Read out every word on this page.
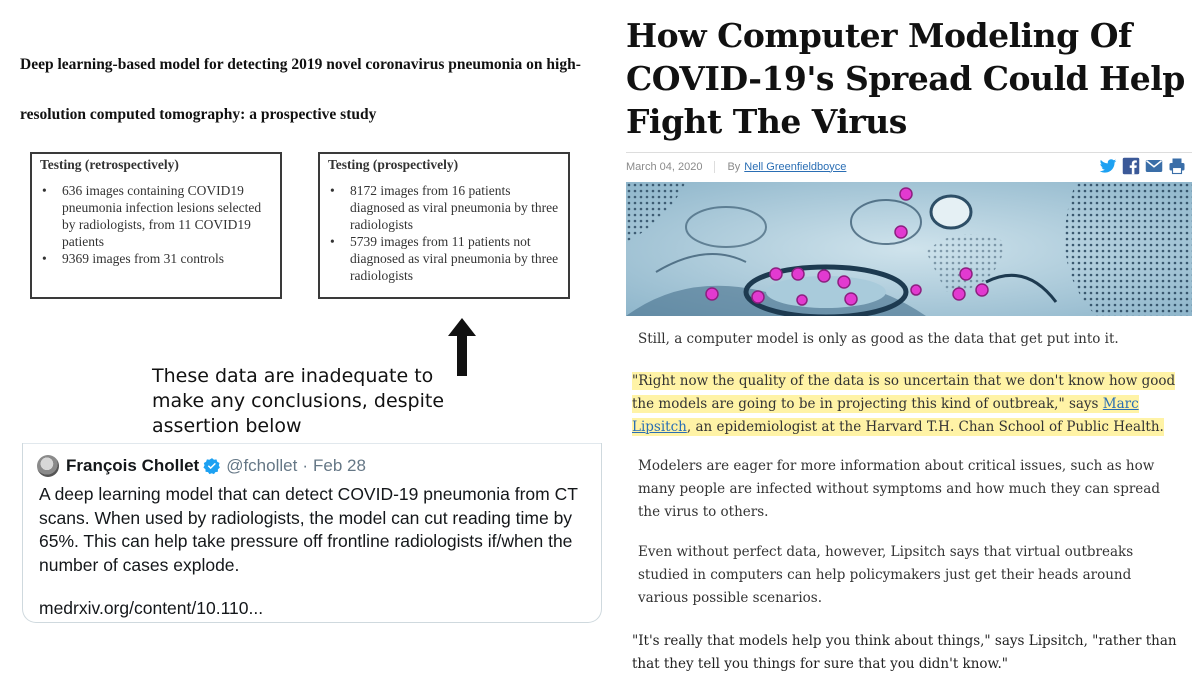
Deep learning-based model for detecting 2019 novel coronavirus pneumonia on high-resolution computed tomography: a prospective study
Testing (retrospectively)
• 636 images containing COVID19 pneumonia infection lesions selected by radiologists, from 11 COVID19 patients
• 9369 images from 31 controls
Testing (prospectively)
• 8172 images from 16 patients diagnosed as viral pneumonia by three radiologists
• 5739 images from 11 patients not diagnosed as viral pneumonia by three radiologists
These data are inadequate to make any conclusions, despite assertion below
François Chollet @fchollet · Feb 28
A deep learning model that can detect COVID-19 pneumonia from CT scans. When used by radiologists, the model can cut reading time by 65%. This can help take pressure off frontline radiologists if/when the number of cases explode.
medrxiv.org/content/10.110...
How Computer Modeling Of COVID-19's Spread Could Help Fight The Virus
March 04, 2020	By Nell Greenfieldboyce

Still, a computer model is only as good as the data that get put into it.

"Right now the quality of the data is so uncertain that we don't know how good the models are going to be in projecting this kind of outbreak," says Marc Lipsitch, an epidemiologist at the Harvard T.H. Chan School of Public Health.

Modelers are eager for more information about critical issues, such as how many people are infected without symptoms and how much they can spread the virus to others.

Even without perfect data, however, Lipsitch says that virtual outbreaks studied in computers can help policymakers just get their heads around various possible scenarios.

"It's really that models help you think about things," says Lipsitch, "rather than that they tell you things for sure that you didn't know."
